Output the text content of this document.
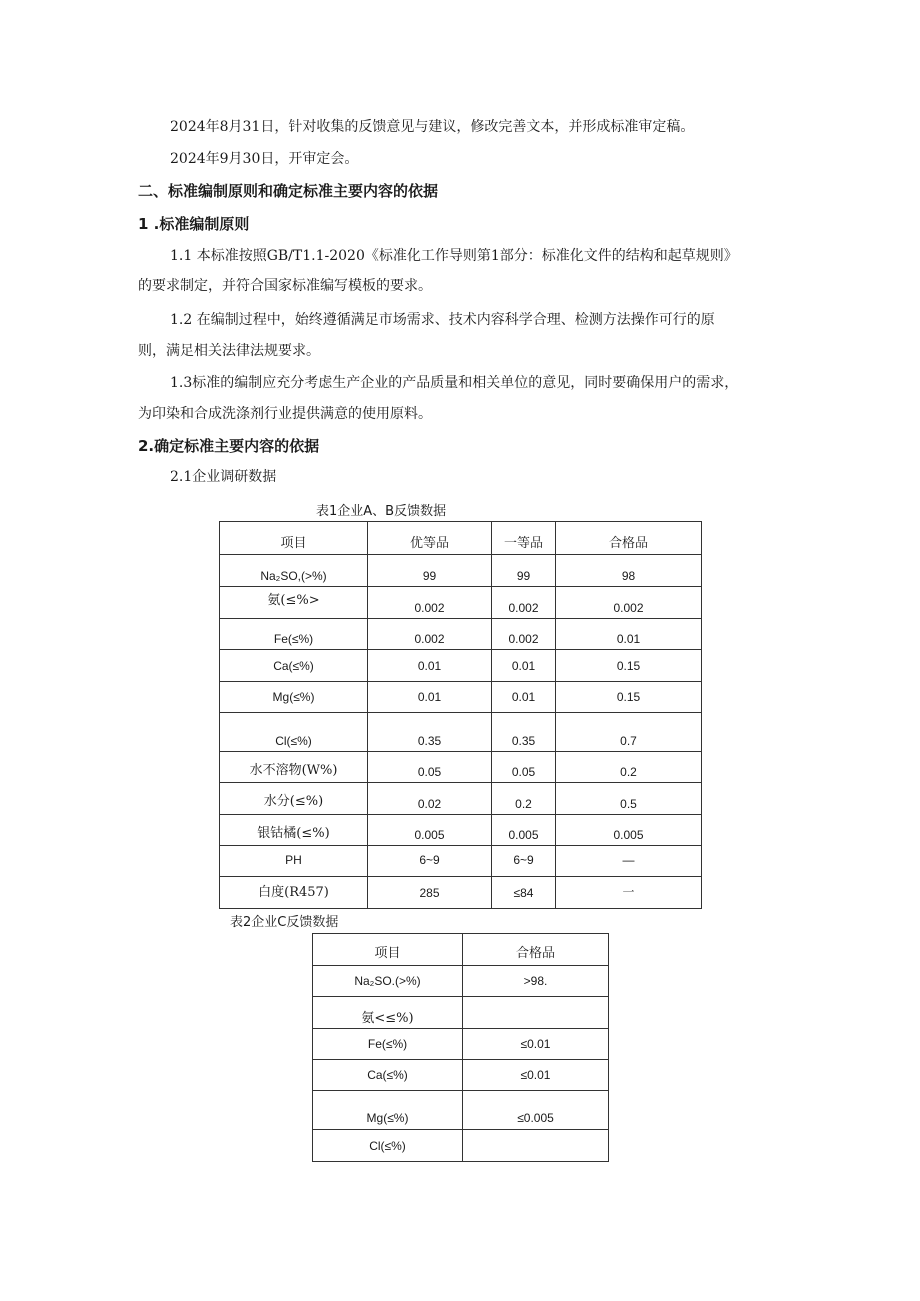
2024年8月31日，针对收集的反馈意见与建议，修改完善文本，并形成标准审定稿。
2024年9月30日，开审定会。
二、标准编制原则和确定标准主要内容的依据
1 .标准编制原则
1.1 本标准按照GB/T1.1-2020《标准化工作导则第1部分：标准化文件的结构和起草规则》
的要求制定，并符合国家标准编写模板的要求。
1.2 在编制过程中，始终遵循满足市场需求、技术内容科学合理、检测方法操作可行的原
则，满足相关法律法规要求。
1.3标准的编制应充分考虑生产企业的产品质量和相关单位的意见，同时要确保用户的需求，
为印染和合成洗涤剂行业提供满意的使用原料。
2.确定标准主要内容的依据
2.1企业调研数据
表1企业A、B反馈数据
项目	优等品	一等品	合格品

Na₂SO,(>%)	99	99	98

氨(≤%>	0.002	0.002	0.002

Fe(≤%)	0.002	0.002	0.01

Ca(≤%)	0.01	0.01	0.15

Mg(≤%)	0.01	0.01	0.15

Cl(≤%)	0.35	0.35	0.7

水不溶物(W%)	0.05	0.05	0.2

水分(≤%)	0.02	0.2	0.5

银钴橘(≤%)	0.005	0.005	0.005

PH	6~9	6~9	—

白度(R457)	285	≤84	一
表2企业C反馈数据
项目	合格品

Na₂SO.(>%)	>98.

氨<≤%)	

Fe(≤%)	≤0.01

Ca(≤%)	≤0.01

Mg(≤%)	≤0.005

Cl(≤%)	
